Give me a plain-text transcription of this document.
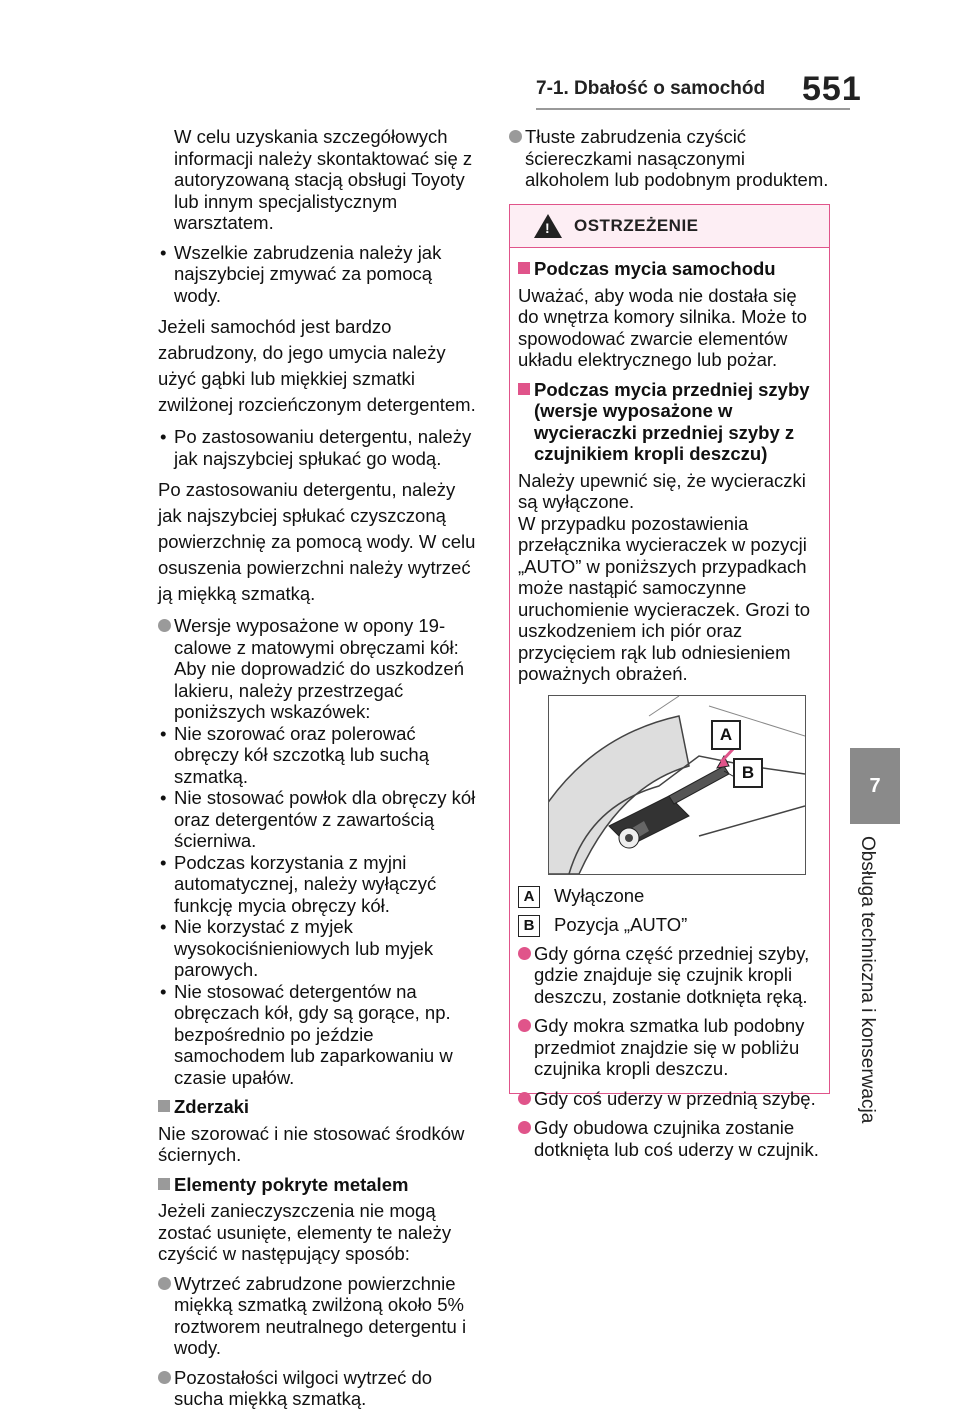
7-1. Dbałość o samochód 551
7
Obsługa techniczna i konserwacja

W celu uzyskania szczegółowych informacji należy skontaktować się z autoryzowaną stacją obsługi Toyoty lub innym specjalistycznym warsztatem.

• Wszelkie zabrudzenia należy jak najszybciej zmywać za pomocą wody.

Jeżeli samochód jest bardzo zabrudzony, do jego umycia należy użyć gąbki lub miękkiej szmatki zwilżonej rozcieńczonym detergentem.

• Po zastosowaniu detergentu, należy jak najszybciej spłukać go wodą.

Po zastosowaniu detergentu, należy jak najszybciej spłukać czyszczoną powierzchnię za pomocą wody. W celu osuszenia powierzchni należy wytrzeć ją miękką szmatką.

Wersje wyposażone w opony 19-calowe z matowymi obręczami kół: Aby nie doprowadzić do uszkodzeń lakieru, należy przestrzegać poniższych wskazówek:
• Nie szorować oraz polerować obręczy kół szczotką lub suchą szmatką.
• Nie stosować powłok dla obręczy kół oraz detergentów z zawartością ścierniwa.
• Podczas korzystania z myjni automatycznej, należy wyłączyć funkcję mycia obręczy kół.
• Nie korzystać z myjek wysokociśnieniowych lub myjek parowych.
• Nie stosować detergentów na obręczach kół, gdy są gorące, np. bezpośrednio po jeździe samochodem lub zaparkowaniu w czasie upałów.
Zderzaki

Nie szorować i nie stosować środków ściernych.

Elementy pokryte metalem

Jeżeli zanieczyszczenia nie mogą zostać usunięte, elementy te należy czyścić w następujący sposób:

Wytrzeć zabrudzone powierzchnie miękką szmatką zwilżoną około 5% roztworem neutralnego detergentu i wody.
Pozostałości wilgoci wytrzeć do sucha miękką szmatką.
Tłuste zabrudzenia czyścić ściereczkami nasączonymi alkoholem lub podobnym produktem.
! OSTRZEŻENIE
Podczas mycia samochodu

Uważać, aby woda nie dostała się do wnętrza komory silnika. Może to spowodować zwarcie elementów układu elektrycznego lub pożar.

Podczas mycia przedniej szyby (wersje wyposażone w wycieraczki przedniej szyby z czujnikiem kropli deszczu)

Należy upewnić się, że wycieraczki są wyłączone.

W przypadku pozostawienia przełącznika wycieraczek w pozycji „AUTO” w poniższych przypadkach może nastąpić samoczynne uruchomienie wycieraczek. Grozi to uszkodzeniem ich piór oraz przycięciem rąk lub odniesieniem poważnych obrażeń.

A
B
A Wyłączone
B Pozycja „AUTO”
Gdy górna część przedniej szyby, gdzie znajduje się czujnik kropli deszczu, zostanie dotknięta ręką.
Gdy mokra szmatka lub podobny przedmiot znajdzie się w pobliżu czujnika kropli deszczu.
Gdy coś uderzy w przednią szybę.
Gdy obudowa czujnika zostanie dotknięta lub coś uderzy w czujnik.
